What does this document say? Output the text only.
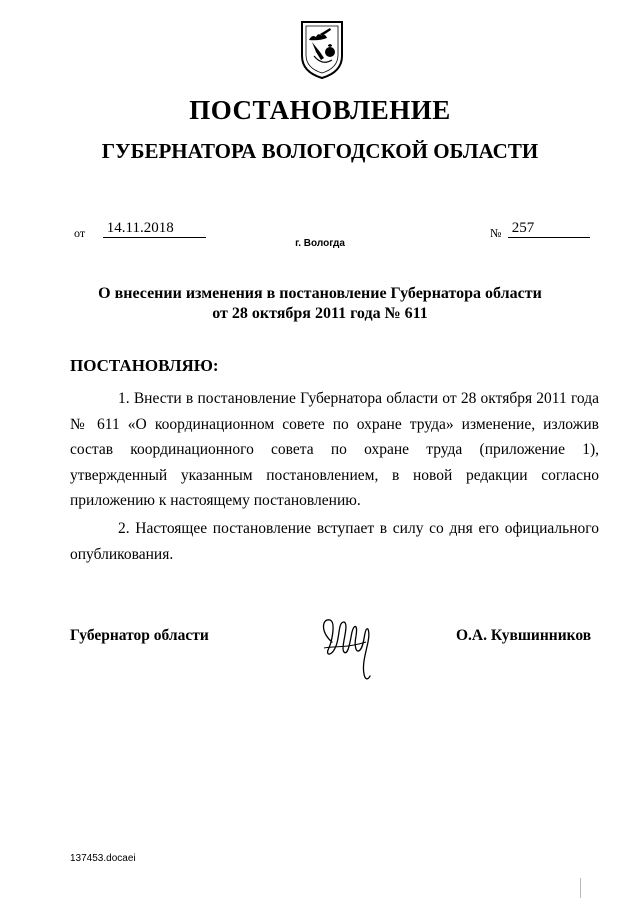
ПОСТАНОВЛЕНИЕ
ГУБЕРНАТОРА ВОЛОГОДСКОЙ ОБЛАСТИ
от 14.11.2018	№ 257
г. Вологда
О внесении изменения в постановление Губернатора области
от 28 октября 2011 года № 611
ПОСТАНОВЛЯЮ:
1. Внести в постановление Губернатора области от 28 октября 2011 года № 611 «О координационном совете по охране труда» изменение, изложив состав координационного совета по охране труда (приложение 1), утвержденный указанным постановлением, в новой редакции согласно приложению к настоящему постановлению.
2. Настоящее постановление вступает в силу со дня его официального опубликования.
Губернатор области	О.А. Кувшинников
137453.docaei
